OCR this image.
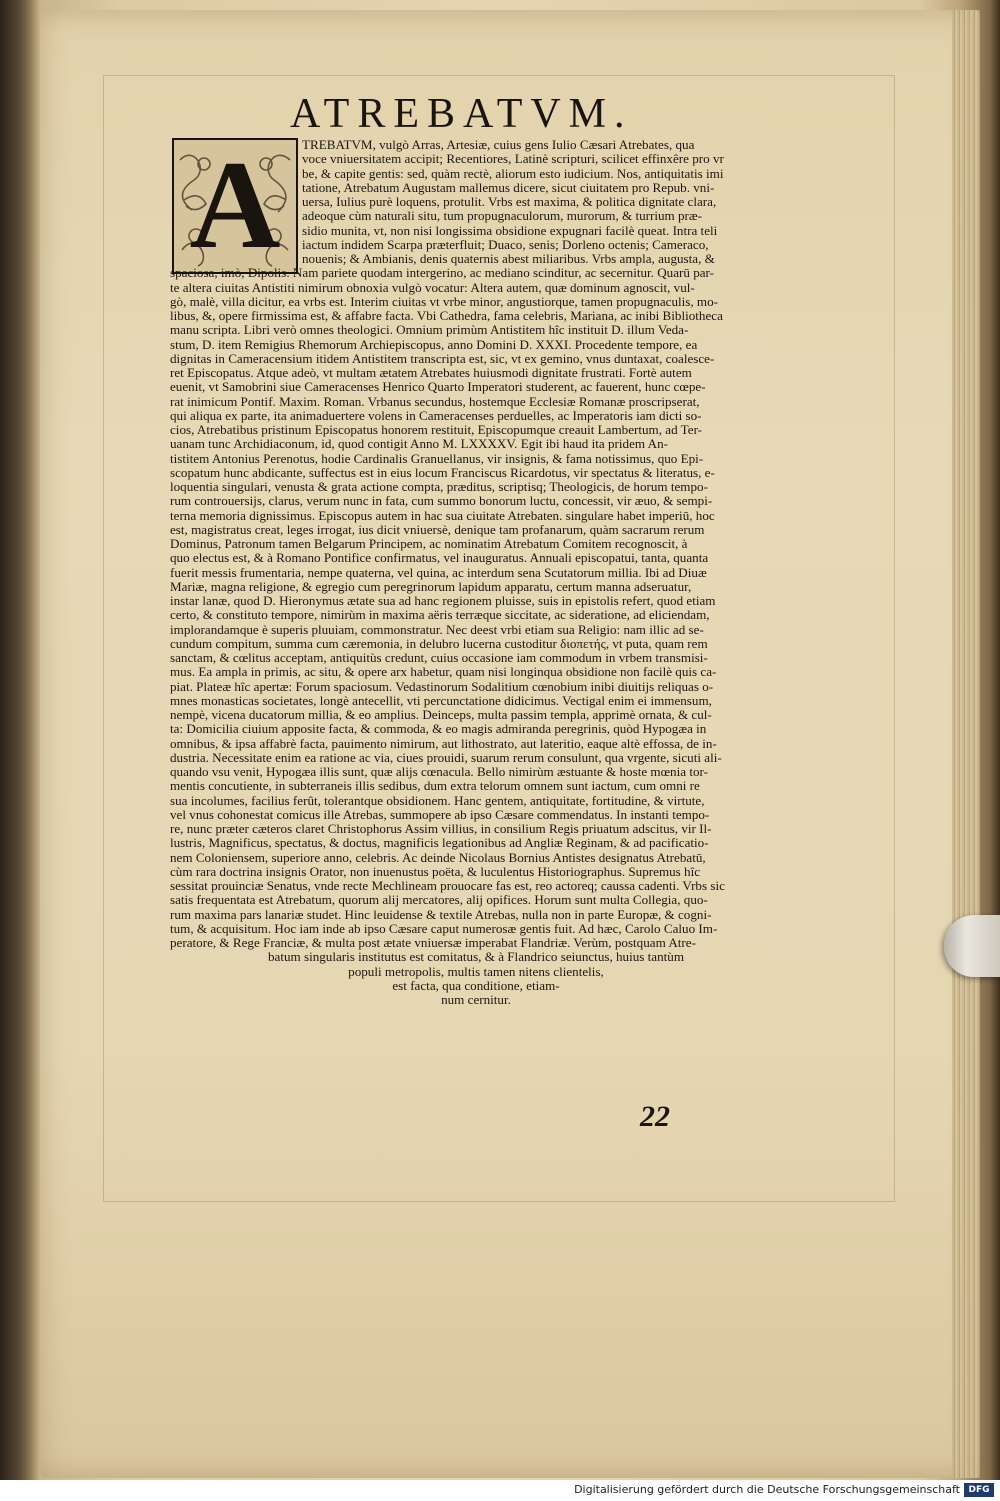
ATREBATVM.
A	TREBATVM, vulgò Arras, Artesiæ, cuius gens Iulio Cæsari Atrebates, qua
voce vniuersitatem accipit; Recentiores, Latinè scripturi, scilicet effinxêre pro vr
be, & capite gentis: sed, quàm rectè, aliorum esto iudicium. Nos, antiquitatis imi
tatione, Atrebatum Augustam mallemus dicere, sicut ciuitatem pro Repub. vni-
uersa, Iulius purè loquens, protulit. Vrbs est maxima, & politica dignitate clara,
adeoque cùm naturali situ, tum propugnaculorum, murorum, & turrium præ-
sidio munita, vt, non nisi longissima obsidione expugnari facilè queat. Intra teli
iactum indidem Scarpa præterfluit; Duaco, senis; Dorleno octenis; Cameraco,
nouenis; & Ambianis, denis quaternis abest miliaribus. Vrbs ampla, augusta, &
spaciosa, imò, Dipolis. Nam pariete quodam intergerino, ac mediano scinditur, ac secernitur. Quarū par-
te altera ciuitas Antistiti nimirum obnoxia vulgò vocatur: Altera autem, quæ dominum agnoscit, vul-
gò, malè, villa dicitur, ea vrbs est. Interim ciuitas vt vrbe minor, angustiorque, tamen propugnaculis, mo-
libus, &, opere firmissima est, & affabre facta. Vbi Cathedra, fama celebris, Mariana, ac inibi Bibliotheca
manu scripta. Libri verò omnes theologici. Omnium primùm Antistitem hîc instituit D. illum Veda-
stum, D. item Remigius Rhemorum Archiepiscopus, anno Domini D. XXXI. Procedente tempore, ea
dignitas in Cameracensium itidem Antistitem transcripta est, sic, vt ex gemino, vnus duntaxat, coalesce-
ret Episcopatus. Atque adeò, vt multam ætatem Atrebates huiusmodi dignitate frustrati. Fortè autem
euenit, vt Samobrini siue Cameracenses Henrico Quarto Imperatori studerent, ac fauerent, hunc cœpe-
rat inimicum Pontif. Maxim. Roman. Vrbanus secundus, hostemque Ecclesiæ Romanæ proscripserat,
qui aliqua ex parte, ita animaduertere volens in Cameracenses perduelles, ac Imperatoris iam dicti so-
cios, Atrebatibus pristinum Episcopatus honorem restituit, Episcopumque creauit Lambertum, ad Ter-
uanam tunc Archidiaconum, id, quod contigit Anno M. LXXXXV. Egit ibi haud ita pridem An-
tistitem Antonius Perenotus, hodie Cardinalis Granuellanus, vir insignis, & fama notissimus, quo Epi-
scopatum hunc abdicante, suffectus est in eius locum Franciscus Ricardotus, vir spectatus & literatus, e-
loquentia singulari, venusta & grata actione compta, præditus, scriptisq; Theologicis, de horum tempo-
rum controuersijs, clarus, verum nunc in fata, cum summo bonorum luctu, concessit, vir æuo, & sempi-
terna memoria dignissimus. Episcopus autem in hac sua ciuitate Atrebaten. singulare habet imperiū, hoc
est, magistratus creat, leges irrogat, ius dicit vniuersè, denique tam profanarum, quàm sacrarum rerum
Dominus, Patronum tamen Belgarum Principem, ac nominatim Atrebatum Comitem recognoscit, à
quo electus est, & à Romano Pontifice confirmatus, vel inauguratus. Annuali episcopatui, tanta, quanta
fuerit messis frumentaria, nempe quaterna, vel quina, ac interdum sena Scutatorum millia. Ibi ad Diuæ
Mariæ, magna religione, & egregio cum peregrinorum lapidum apparatu, certum manna adseruatur,
instar lanæ, quod D. Hieronymus ætate sua ad hanc regionem pluisse, suis in epistolis refert, quod etiam
certo, & constituto tempore, nimirùm in maxima aëris terræque siccitate, ac sideratione, ad eliciendam,
implorandamque è superis pluuiam, commonstratur. Nec deest vrbi etiam sua Religio: nam illic ad se-
cundum compitum, summa cum cæremonia, in delubro lucerna custoditur διοπετής, vt puta, quam rem
sanctam, & cœlitus acceptam, antiquitùs credunt, cuius occasione iam commodum in vrbem transmisi-
mus. Ea ampla in primis, ac situ, & opere arx habetur, quam nisi longinqua obsidione non facilè quis ca-
piat. Plateæ hîc apertæ: Forum spaciosum. Vedastinorum Sodalitium cœnobium inibi diuitijs reliquas o-
mnes monasticas societates, longè antecellit, vti percunctatione didicimus. Vectigal enim ei immensum,
nempè, vicena ducatorum millia, & eo amplius. Deinceps, multa passim templa, apprimè ornata, & cul-
ta: Domicilia ciuium apposite facta, & commoda, & eo magis admiranda peregrinis, quòd Hypogæa in
omnibus, & ipsa affabrè facta, pauimento nimirum, aut lithostrato, aut lateritio, eaque altè effossa, de in-
dustria. Necessitate enim ea ratione ac via, ciues prouidi, suarum rerum consulunt, qua vrgente, sicuti ali-
quando vsu venit, Hypogæa illis sunt, quæ alijs cœnacula. Bello nimirùm æstuante & hoste mœnia tor-
mentis concutiente, in subterraneis illis sedibus, dum extra telorum omnem sunt iactum, cum omni re
sua incolumes, facilius ferût, tolerantque obsidionem. Hanc gentem, antiquitate, fortitudine, & virtute,
vel vnus cohonestat comicus ille Atrebas, summopere ab ipso Cæsare commendatus. In instanti tempo-
re, nunc præter cæteros claret Christophorus Assim villius, in consilium Regis priuatum adscitus, vir Il-
lustris, Magnificus, spectatus, & doctus, magnificis legationibus ad Angliæ Reginam, & ad pacificatio-
nem Coloniensem, superiore anno, celebris. Ac deinde Nicolaus Bornius Antistes designatus Atrebatū,
cùm rara doctrina insignis Orator, non inuenustus poëta, & luculentus Historiographus. Supremus hîc
sessitat prouinciæ Senatus, vnde recte Mechlineam prouocare fas est, reo actoreq; caussa cadenti. Vrbs sic
satis frequentata est Atrebatum, quorum alij mercatores, alij opifices. Horum sunt multa Collegia, quo-
rum maxima pars lanariæ studet. Hinc leuidense & textile Atrebas, nulla non in parte Europæ, & cogni-
tum, & acquisitum. Hoc iam inde ab ipso Cæsare caput numerosæ gentis fuit. Ad hæc, Carolo Caluo Im-
peratore, & Rege Franciæ, & multa post ætate vniuersæ imperabat Flandriæ. Verùm, postquam Atre-
batum singularis institutus est comitatus, & à Flandrico seiunctus, huius tantùm
populi metropolis, multis tamen nitens clientelis,
est facta, qua conditione, etiam-
num cernitur.
22
Digitalisierung gefördert durch die Deutsche Forschungsgemeinschaft DFG
